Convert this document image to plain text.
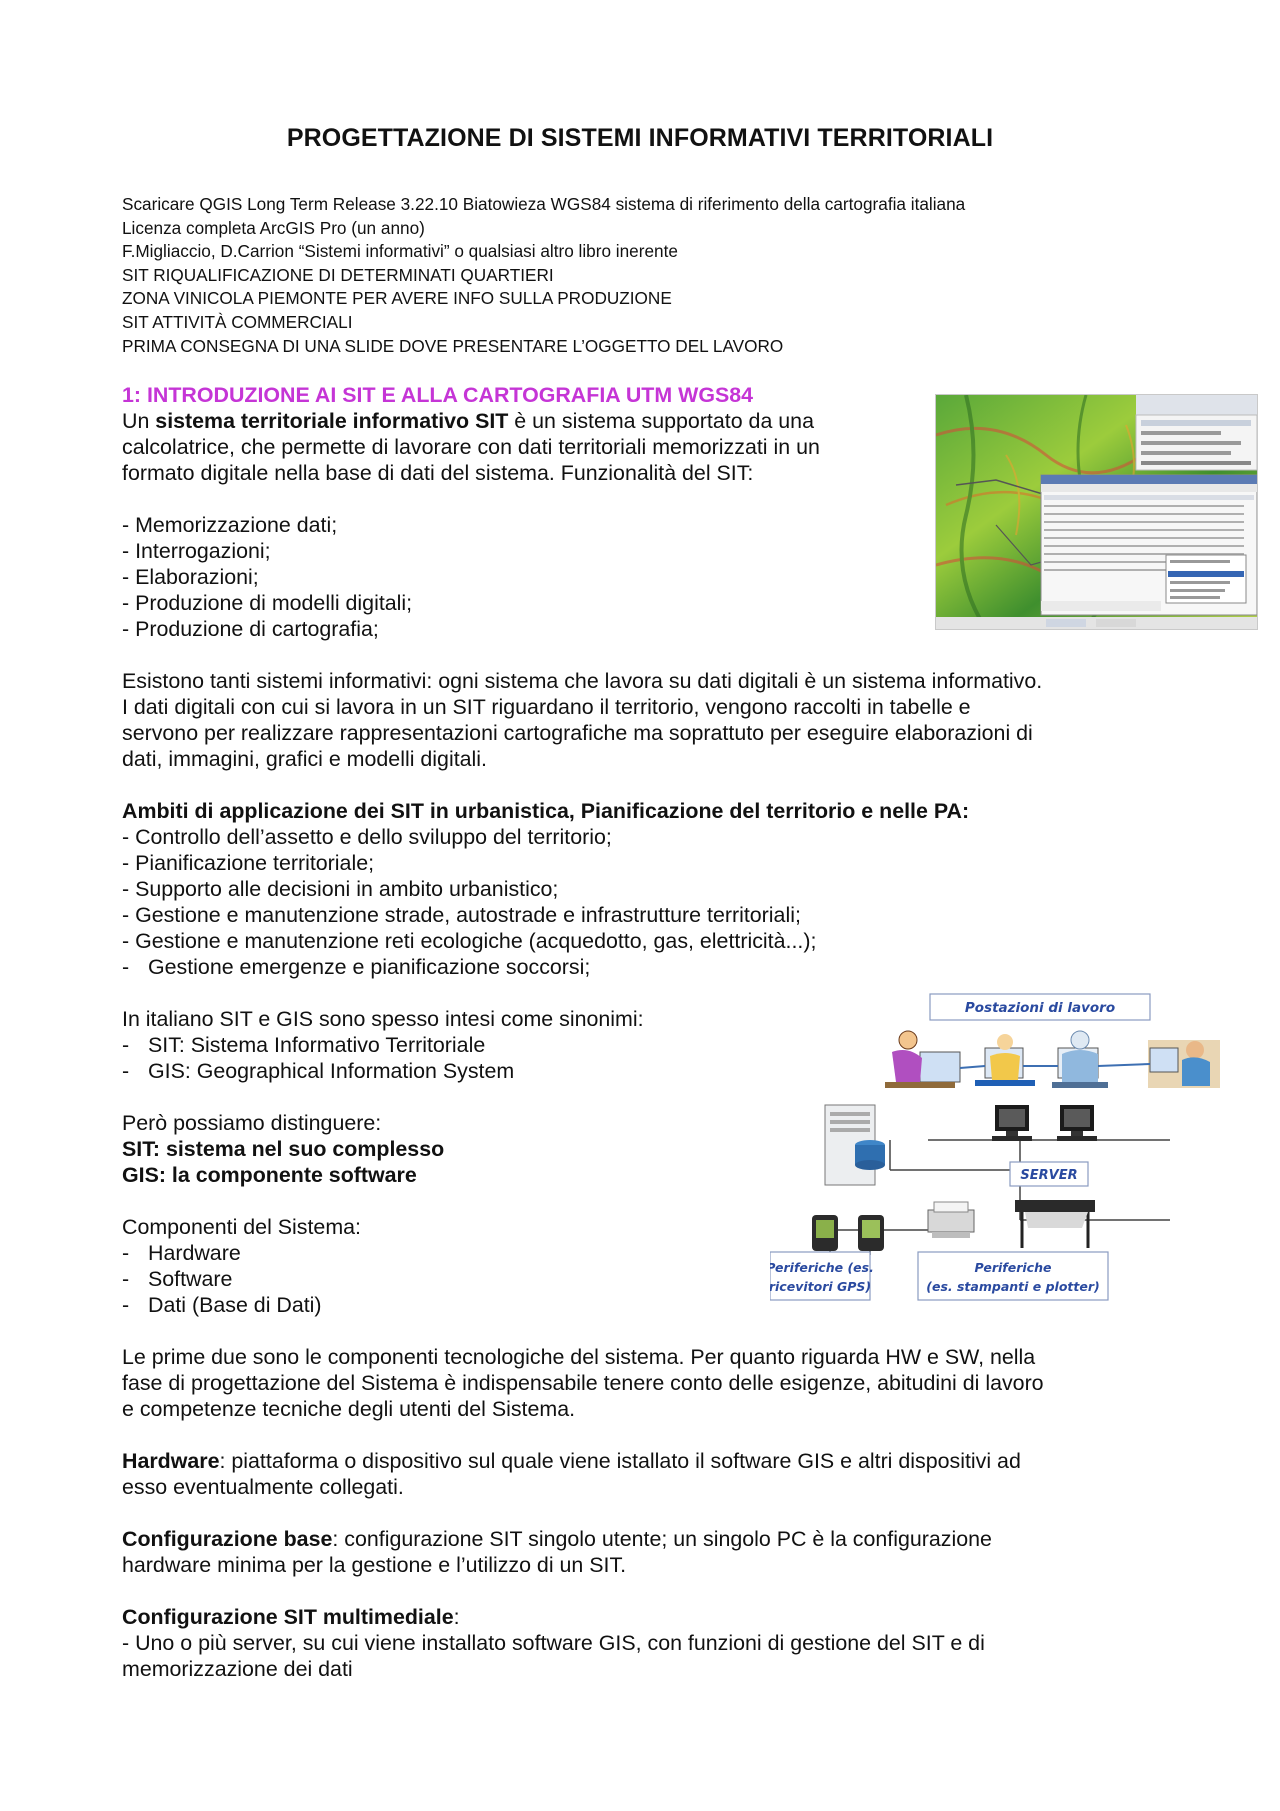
PROGETTAZIONE DI SISTEMI INFORMATIVI TERRITORIALI
Scaricare QGIS Long Term Release 3.22.10 Biatowieza WGS84 sistema di riferimento della cartografia italiana
Licenza completa ArcGIS Pro (un anno)
F.Migliaccio, D.Carrion “Sistemi informativi” o qualsiasi altro libro inerente
SIT RIQUALIFICAZIONE DI DETERMINATI QUARTIERI
ZONA VINICOLA PIEMONTE PER AVERE INFO SULLA PRODUZIONE
SIT ATTIVITÀ COMMERCIALI
PRIMA CONSEGNA DI UNA SLIDE DOVE PRESENTARE L’OGGETTO DEL LAVORO
1: INTRODUZIONE AI SIT E ALLA CARTOGRAFIA UTM WGS84
Un sistema territoriale informativo SIT è un sistema supportato da una
calcolatrice, che permette di lavorare con dati territoriali memorizzati in un
formato digitale nella base di dati del sistema. Funzionalità del SIT:
- Memorizzazione dati;
- Interrogazioni;
- Elaborazioni;
- Produzione di modelli digitali;
- Produzione di cartografia;
Esistono tanti sistemi informativi: ogni sistema che lavora su dati digitali è un sistema informativo.
I dati digitali con cui si lavora in un SIT riguardano il territorio, vengono raccolti in tabelle e
servono per realizzare rappresentazioni cartografiche ma soprattuto per eseguire elaborazioni di
dati, immagini, grafici e modelli digitali.
Ambiti di applicazione dei SIT in urbanistica, Pianificazione del territorio e nelle PA:
- Controllo dell’assetto e dello sviluppo del territorio;
- Pianificazione territoriale;
- Supporto alle decisioni in ambito urbanistico;
- Gestione e manutenzione strade, autostrade e infrastrutture territoriali;
- Gestione e manutenzione reti ecologiche (acquedotto, gas, elettricità...);
- Gestione emergenze e pianificazione soccorsi;
In italiano SIT e GIS sono spesso intesi come sinonimi:
- SIT: Sistema Informativo Territoriale
- GIS: Geographical Information System
Però possiamo distinguere:
SIT: sistema nel suo complesso
GIS: la componente software
Componenti del Sistema:
- Hardware
- Software
- Dati (Base di Dati)
Le prime due sono le componenti tecnologiche del sistema. Per quanto riguarda HW e SW, nella
fase di progettazione del Sistema è indispensabile tenere conto delle esigenze, abitudini di lavoro
e competenze tecniche degli utenti del Sistema.
Hardware: piattaforma o dispositivo sul quale viene istallato il software GIS e altri dispositivi ad
esso eventualmente collegati.
Configurazione base: configurazione SIT singolo utente; un singolo PC è la configurazione
hardware minima per la gestione e l’utilizzo di un SIT.
Configurazione SIT multimediale:
- Uno o più server, su cui viene installato software GIS, con funzioni di gestione del SIT e di
memorizzazione dei dati
Postazioni di lavoro
SERVER
Periferiche (es.
ricevitori GPS)
Periferiche
(es. stampanti e plotter)
